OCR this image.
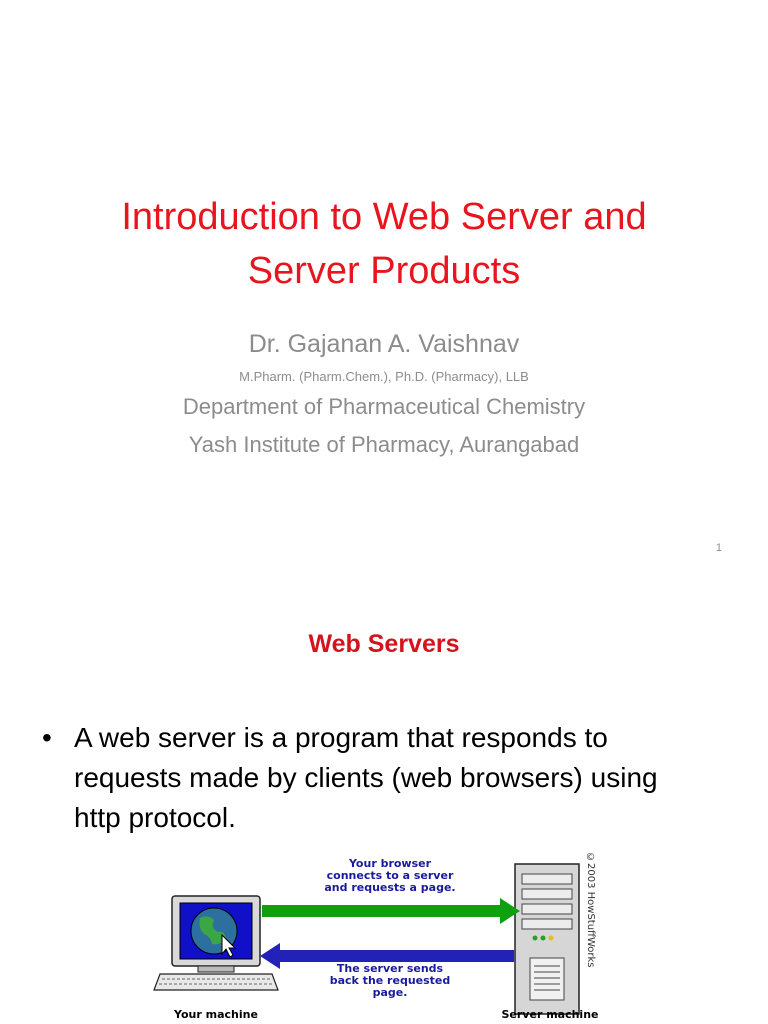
Introduction to Web Server and
Server Products

Dr. Gajanan A. Vaishnav

M.Pharm. (Pharm.Chem.), Ph.D. (Pharmacy), LLB

Department of Pharmaceutical Chemistry

Yash Institute of Pharmacy, Aurangabad

1
Web Servers
• A web server is a program that responds to
requests made by clients (web browsers) using
http protocol.
Your browser
connects to a server
and requests a page.
The server sends
back the requested
page.
Your machine	Server machine
©2003 HowStuffWorks
